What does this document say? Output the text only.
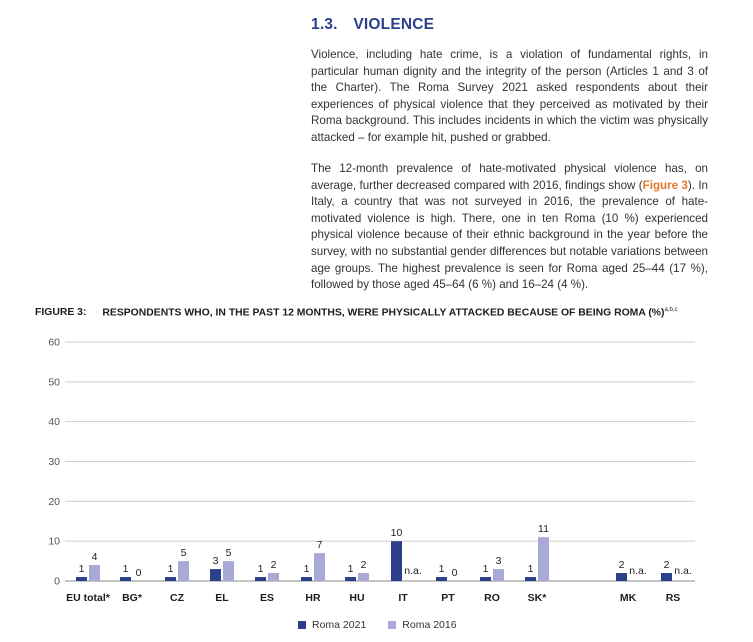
1.3. VIOLENCE

Violence, including hate crime, is a violation of fundamental rights, in particular human dignity and the integrity of the person (Articles 1 and 3 of the Charter). The Roma Survey 2021 asked respondents about their experiences of physical violence that they perceived as motivated by their Roma background. This includes incidents in which the victim was physically attacked – for example hit, pushed or grabbed.

The 12-month prevalence of hate-motivated physical violence has, on average, further decreased compared with 2016, findings show (Figure 3). In Italy, a country that was not surveyed in 2016, the prevalence of hate-motivated violence is high. There, one in ten Roma (10 %) experienced physical violence because of their ethnic background in the year before the survey, with no substantial gender differences but notable variations between age groups. The highest prevalence is seen for Roma aged 25–44 (17 %), followed by those aged 45–64 (6 %) and 16–24 (4 %).

FIGURE 3: RESPONDENTS WHO, IN THE PAST 12 MONTHS, WERE PHYSICALLY ATTACKED BECAUSE OF BEING ROMA (%)$^{a,b,c}$
0
10
20
30
40
50
60
1
4
EU total*
1 0
BG*
1
5
CZ
3
5
EL
1 2
ES
1
7
HR
1 2
HU
10
n.a.
IT
1 0
PT
1
3
RO
1
11
SK*
2 n.a.
MK
2 n.a.
RS
Roma 2021	Roma 2016
